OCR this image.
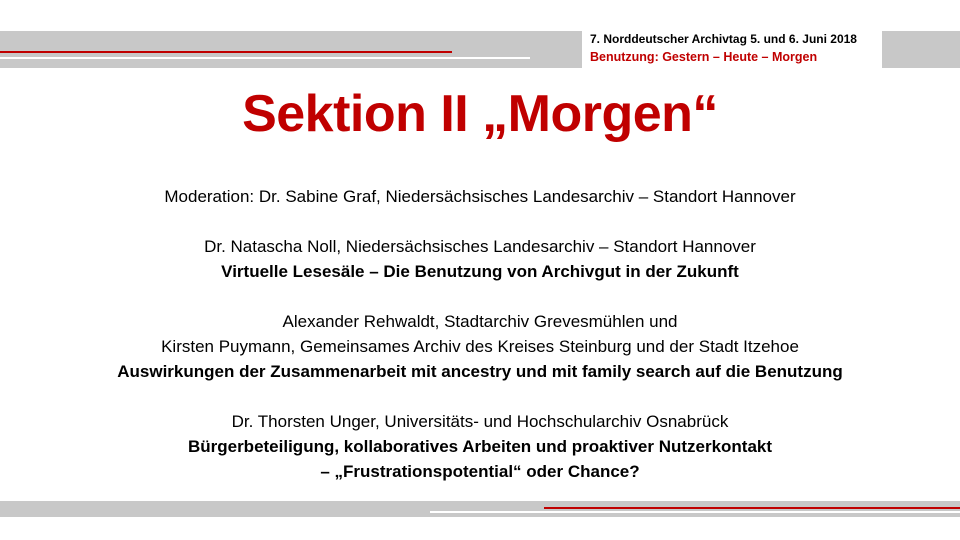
7. Norddeutscher Archivtag 5. und 6. Juni 2018
Benutzung: Gestern – Heute – Morgen
Sektion II „Morgen“
Moderation: Dr. Sabine Graf, Niedersächsisches Landesarchiv – Standort Hannover
Dr. Natascha Noll, Niedersächsisches Landesarchiv – Standort Hannover
Virtuelle Lesesäle – Die Benutzung von Archivgut in der Zukunft
Alexander Rehwaldt, Stadtarchiv Grevesmühlen und
Kirsten Puymann, Gemeinsames Archiv des Kreises Steinburg und der Stadt Itzehoe
Auswirkungen der Zusammenarbeit mit ancestry und mit family search auf die Benutzung
Dr. Thorsten Unger, Universitäts- und Hochschularchiv Osnabrück
Bürgerbeteiligung, kollaboratives Arbeiten und proaktiver Nutzerkontakt
– „Frustrationspotential“ oder Chance?
